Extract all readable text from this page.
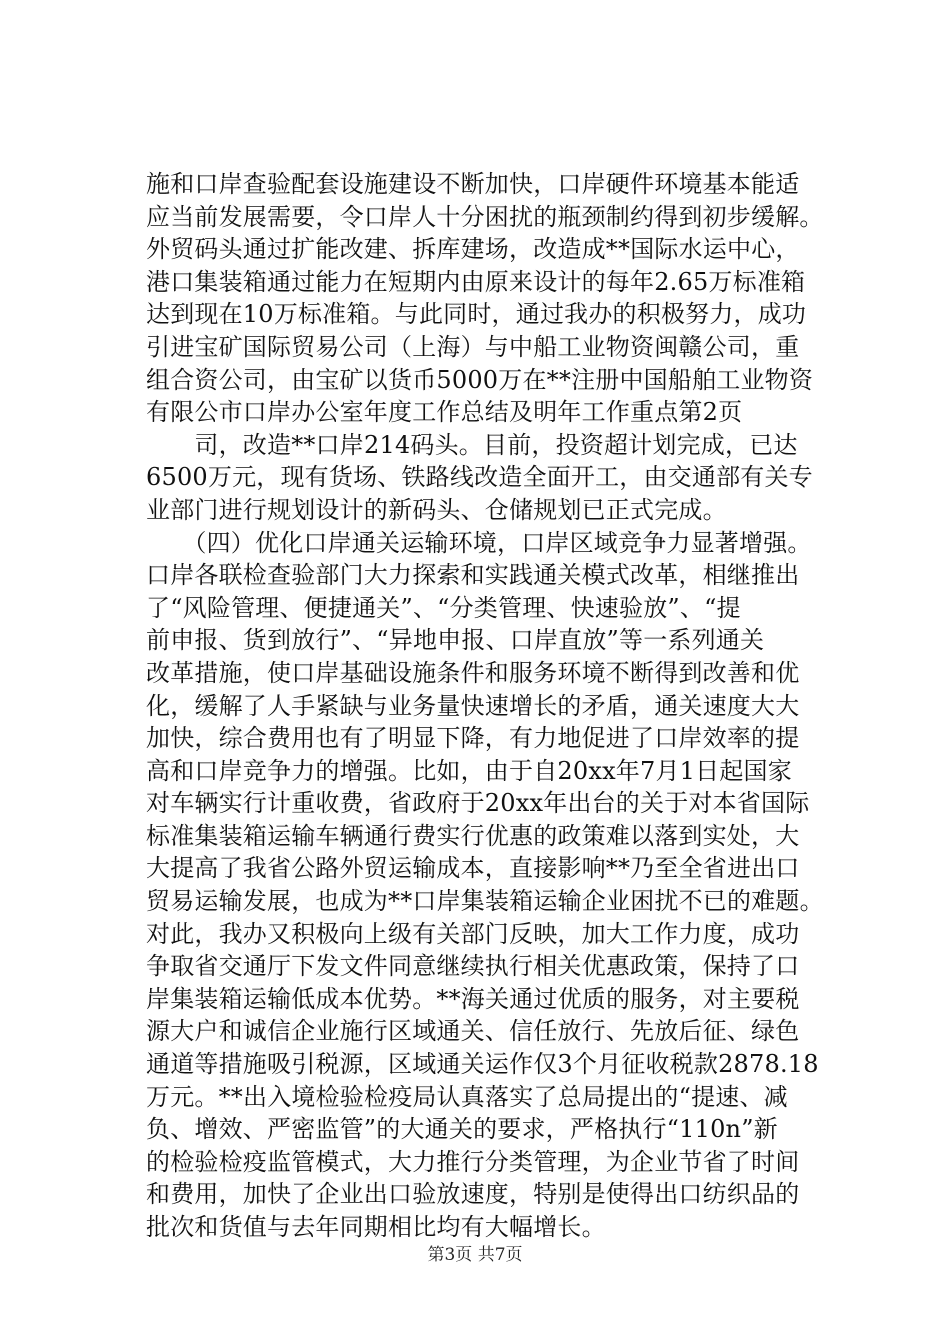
施和口岸查验配套设施建设不断加快，口岸硬件环境基本能适
应当前发展需要，令口岸人十分困扰的瓶颈制约得到初步缓解。
外贸码头通过扩能改建、拆库建场，改造成**国际水运中心，
港口集装箱通过能力在短期内由原来设计的每年2.65万标准箱
达到现在10万标准箱。与此同时，通过我办的积极努力，成功
引进宝矿国际贸易公司（上海）与中船工业物资闽赣公司，重
组合资公司，由宝矿以货币5000万在**注册中国船舶工业物资
有限公市口岸办公室年度工作总结及明年工作重点第2页
　　司，改造**口岸214码头。目前，投资超计划完成，已达
6500万元，现有货场、铁路线改造全面开工，由交通部有关专
业部门进行规划设计的新码头、仓储规划已正式完成。
　　（四）优化口岸通关运输环境，口岸区域竞争力显著增强。
口岸各联检查验部门大力探索和实践通关模式改革，相继推出
了“风险管理、便捷通关”、“分类管理、快速验放”、“提
前申报、货到放行”、“异地申报、口岸直放”等一系列通关
改革措施，使口岸基础设施条件和服务环境不断得到改善和优
化，缓解了人手紧缺与业务量快速增长的矛盾，通关速度大大
加快，综合费用也有了明显下降，有力地促进了口岸效率的提
高和口岸竞争力的增强。比如，由于自20xx年7月1日起国家
对车辆实行计重收费，省政府于20xx年出台的关于对本省国际
标准集装箱运输车辆通行费实行优惠的政策难以落到实处，大
大提高了我省公路外贸运输成本，直接影响**乃至全省进出口
贸易运输发展，也成为**口岸集装箱运输企业困扰不已的难题。
对此，我办又积极向上级有关部门反映，加大工作力度，成功
争取省交通厅下发文件同意继续执行相关优惠政策，保持了口
岸集装箱运输低成本优势。**海关通过优质的服务，对主要税
源大户和诚信企业施行区域通关、信任放行、先放后征、绿色
通道等措施吸引税源，区域通关运作仅3个月征收税款2878.18
万元。**出入境检验检疫局认真落实了总局提出的“提速、减
负、增效、严密监管”的大通关的要求，严格执行“110n”新
的检验检疫监管模式，大力推行分类管理，为企业节省了时间
和费用，加快了企业出口验放速度，特别是使得出口纺织品的
批次和货值与去年同期相比均有大幅增长。
第3页 共7页
